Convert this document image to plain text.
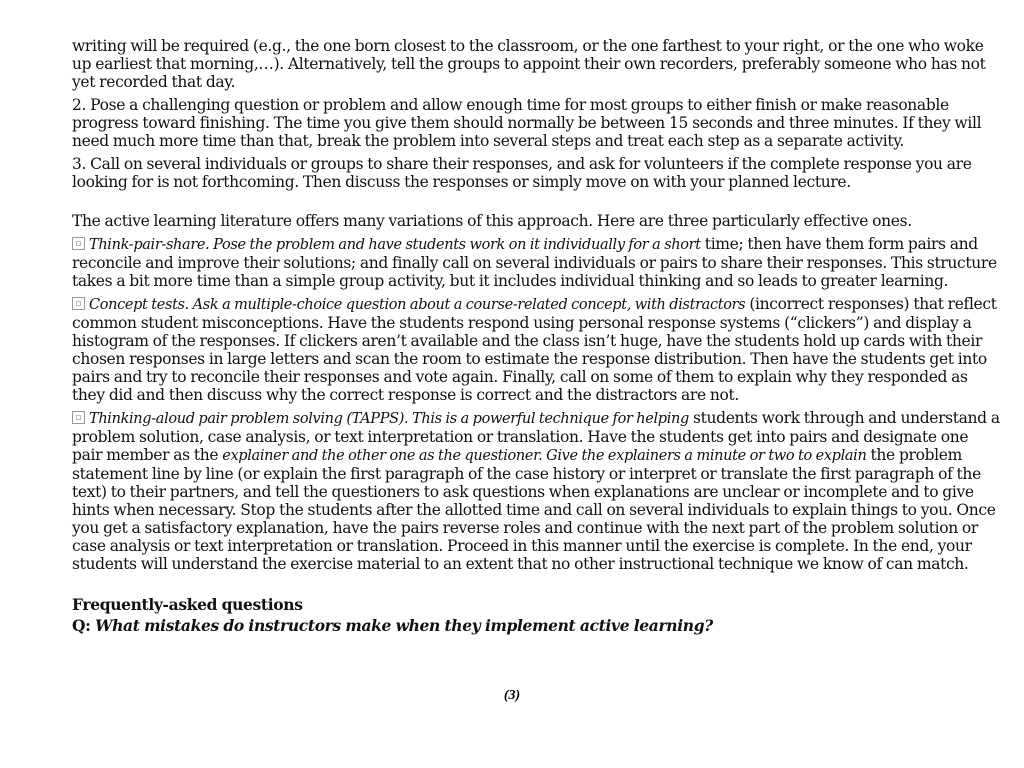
writing will be required (e.g., the one born closest to the classroom, or the one farthest to your right, or the one who woke up earliest that morning,…). Alternatively, tell the groups to appoint their own recorders, preferably someone who has not yet recorded that day.

2. Pose a challenging question or problem and allow enough time for most groups to either finish or make reasonable progress toward finishing. The time you give them should normally be between 15 seconds and three minutes. If they will need much more time than that, break the problem into several steps and treat each step as a separate activity.

3. Call on several individuals or groups to share their responses, and ask for volunteers if the complete response you are looking for is not forthcoming. Then discuss the responses or simply move on with your planned lecture.

The active learning literature offers many variations of this approach. Here are three particularly effective ones.

Think-pair-share. Pose the problem and have students work on it individually for a short time; then have them form pairs and reconcile and improve their solutions; and finally call on several individuals or pairs to share their responses. This structure takes a bit more time than a simple group activity, but it includes individual thinking and so leads to greater learning.

Concept tests. Ask a multiple-choice question about a course-related concept, with distractors (incorrect responses) that reflect common student misconceptions. Have the students respond using personal response systems (“clickers”) and display a histogram of the responses. If clickers aren’t available and the class isn’t huge, have the students hold up cards with their chosen responses in large letters and scan the room to estimate the response distribution. Then have the students get into pairs and try to reconcile their responses and vote again. Finally, call on some of them to explain why they responded as they did and then discuss why the correct response is correct and the distractors are not.

Thinking-aloud pair problem solving (TAPPS). This is a powerful technique for helping students work through and understand a problem solution, case analysis, or text interpretation or translation. Have the students get into pairs and designate one pair member as the explainer and the other one as the questioner. Give the explainers a minute or two to explain the problem statement line by line (or explain the first paragraph of the case history or interpret or translate the first paragraph of the text) to their partners, and tell the questioners to ask questions when explanations are unclear or incomplete and to give hints when necessary. Stop the students after the allotted time and call on several individuals to explain things to you. Once you get a satisfactory explanation, have the pairs reverse roles and continue with the next part of the problem solution or case analysis or text interpretation or translation. Proceed in this manner until the exercise is complete. In the end, your students will understand the exercise material to an extent that no other instructional technique we know of can match.

Frequently-asked questions

Q: What mistakes do instructors make when they implement active learning?

(3)
